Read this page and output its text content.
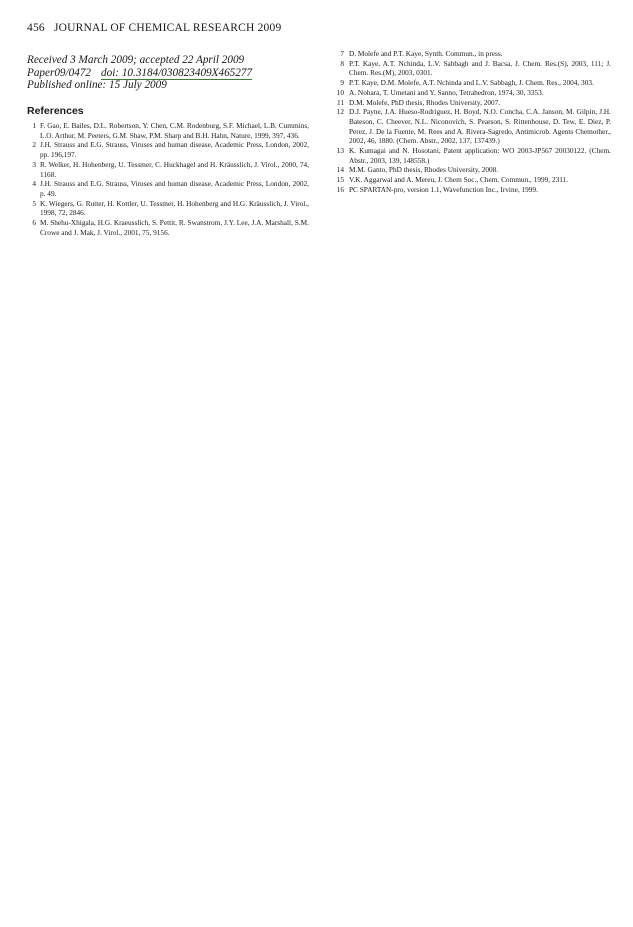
456 JOURNAL OF CHEMICAL RESEARCH 2009
Received 3 March 2009; accepted 22 April 2009
Paper09/0472 doi: 10.3184/030823409X465277
Published online: 15 July 2009
References
1 F. Gao, E. Bailes, D.L. Robertson, Y. Chen, C.M. Rodenburg, S.F. Michael, L.B. Cummins, L.O. Arthur, M. Peeters, G.M. Shaw, P.M. Sharp and B.H. Hahn, Nature, 1999, 397, 436.
2 J.H. Strauss and E.G. Strauss, Viruses and human disease, Academic Press, London, 2002, pp. 196,197.
3 R. Welker, H. Hohenberg, U. Tessmer, C. Huckhagel and H. Kräusslich, J. Virol., 2000, 74, 1168.
4 J.H. Strauss and E.G. Strauss, Viruses and human disease, Academic Press, London, 2002, p. 49.
5 K. Wiegers, G. Rutter, H. Kottler, U. Tessmer, H. Hohenberg and H.G. Kräusslich, J. Virol., 1998, 72, 2846.
6 M. Shehu-Xhigala, H.G. Kraeusslich, S. Pettit, R. Swanstrom, J.Y. Lee, J.A. Marshall, S.M. Crowe and J. Mak, J. Virol., 2001, 75, 9156.
7 D. Molefe and P.T. Kaye, Synth. Commun., in press.
8 P.T. Kaye, A.T. Nchinda, L.V. Sabbagh and J. Bacsa, J. Chem. Res.(S), 2003, 111; J. Chem. Res.(M), 2003, 0301.
9 P.T. Kaye, D.M. Molefe, A.T. Nchinda and L.V. Sabbagh, J. Chem. Res., 2004, 303.
10 A. Nohara, T. Umetani and Y. Sanno, Tetrahedron, 1974, 30, 3353.
11 D.M. Molefe, PhD thesis, Rhodes University, 2007.
12 D.J. Payne, J.A. Hueso-Rodriguez, H. Boyd, N.O. Concha, C.A. Janson, M. Gilpin, J.H. Bateson, C. Cheever, N.L. Niconovich, S. Pearson, S. Rittenhouse, D. Tew, E. Diez, P. Perez, J. De la Fuente, M. Rees and A. Rivera-Sagredo, Antimicrob. Agents Chemother., 2002, 46, 1880. (Chem. Abstr., 2002, 137, 137439.)
13 K. Kumagai and N. Hosotani, Patent application: WO 2003-JP567 20030122. (Chem. Abstr., 2003, 139, 148558.)
14 M.M. Ganto, PhD thesis, Rhodes University, 2008.
15 V.K. Aggarwal and A. Mereu, J. Chem Soc., Chem. Commun., 1999, 2311.
16 PC SPARTAN-pro, version 1.1, Wavefunction Inc., Irvine, 1999.
